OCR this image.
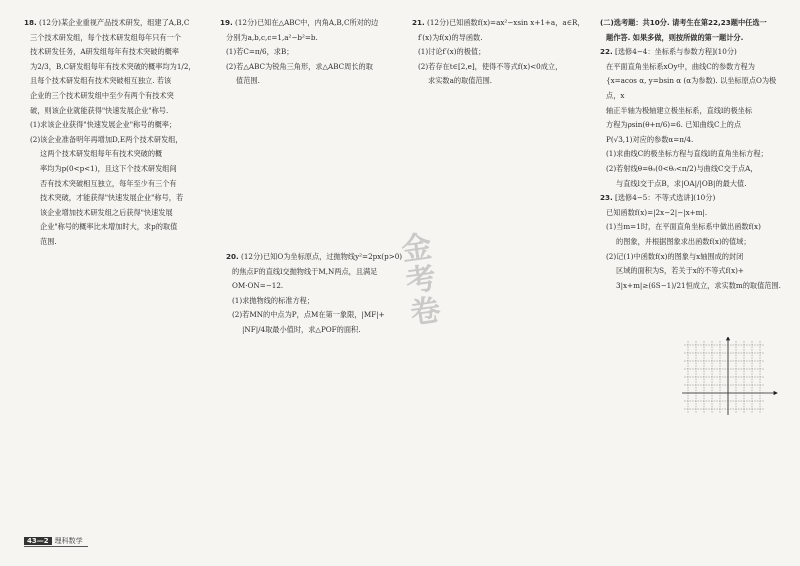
18. (12分)某企业重视产品技术研发，组建了A,B,C

三个技术研发组，每个技术研发组每年只有一个

技术研发任务，A研发组每年有技术突破的概率

为2/3，B,C研发组每年有技术突破的概率均为1/2，

且每个技术研发组有技术突破相互独立. 若该

企业的三个技术研发组中至少有两个有技术突

破，则该企业就能获得"快速发展企业"称号.

(1)求该企业获得"快速发展企业"称号的概率；

(2)该企业准备明年再增加D,E两个技术研发组，

这两个技术研发组每年有技术突破的概

率均为p(0<p<1)，且这下个技术研发组间

否有技术突破相互独立，每年至少有三个有

技术突破，才能获得"快速发展企业"称号，若

该企业增加技术研发组之后获得"快速发展

企业"称号的概率比未增加时大，求p的取值

范围.

19. (12分)已知在△ABC中，内角A,B,C所对的边

分别为a,b,c,c=1,a²−b²=b.

(1)若C=π/6，求B；

(2)若△ABC为锐角三角形，求△ABC周长的取

值范围.

20. (12分)已知O为坐标原点，过抛物线y²=2px(p>0)

的焦点F的直线l交抛物线于M,N两点，且满足

OM·ON=−12.

(1)求抛物线的标准方程；

(2)若MN的中点为P，点M在第一象限，|MF|+

|NF|/4取最小值时，求△POF的面积.	金考卷

21. (12分)已知函数f(x)=ax²−xsin x+1+a，a∈R，

f′(x)为f(x)的导函数.

(1)讨论f′(x)的极值；

(2)若存在t∈[2,e]，使得不等式f(x)<0成立，

求实数a的取值范围.

(二)选考题：共10分. 请考生在第22,23题中任选一

题作答. 如果多做，则按所做的第一题计分.

22. [选修4−4：坐标系与参数方程](10分)

在平面直角坐标系xOy中，曲线C的参数方程为

{x=acos α, y=bsin α (α为参数). 以坐标原点O为极点，x

轴正半轴为极轴建立极坐标系，直线l的极坐标

方程为ρsin(θ+π/6)=6. 已知曲线C上的点

P(√3,1)对应的参数α=π/4.

(1)求曲线C的极坐标方程与直线l的直角坐标方程；

(2)若射线θ=θ₀(0<θ₀<π/2)与曲线C交于点A，

与直线l交于点B，求|OA|/|OB|的最大值.

23. [选修4−5：不等式选讲](10分)

已知函数f(x)=|2x−2|−|x+m|.

(1)当m=1时，在平面直角坐标系中做出函数f(x)

的图象，并根据图象求出函数f(x)的值域；

(2)记(1)中函数f(x)的图象与x轴围成的封闭

区域的面积为S，若关于x的不等式f(x)+

3|x+m|≥(6S−1)/21恒成立，求实数m的取值范围.

43—2 理科数学
